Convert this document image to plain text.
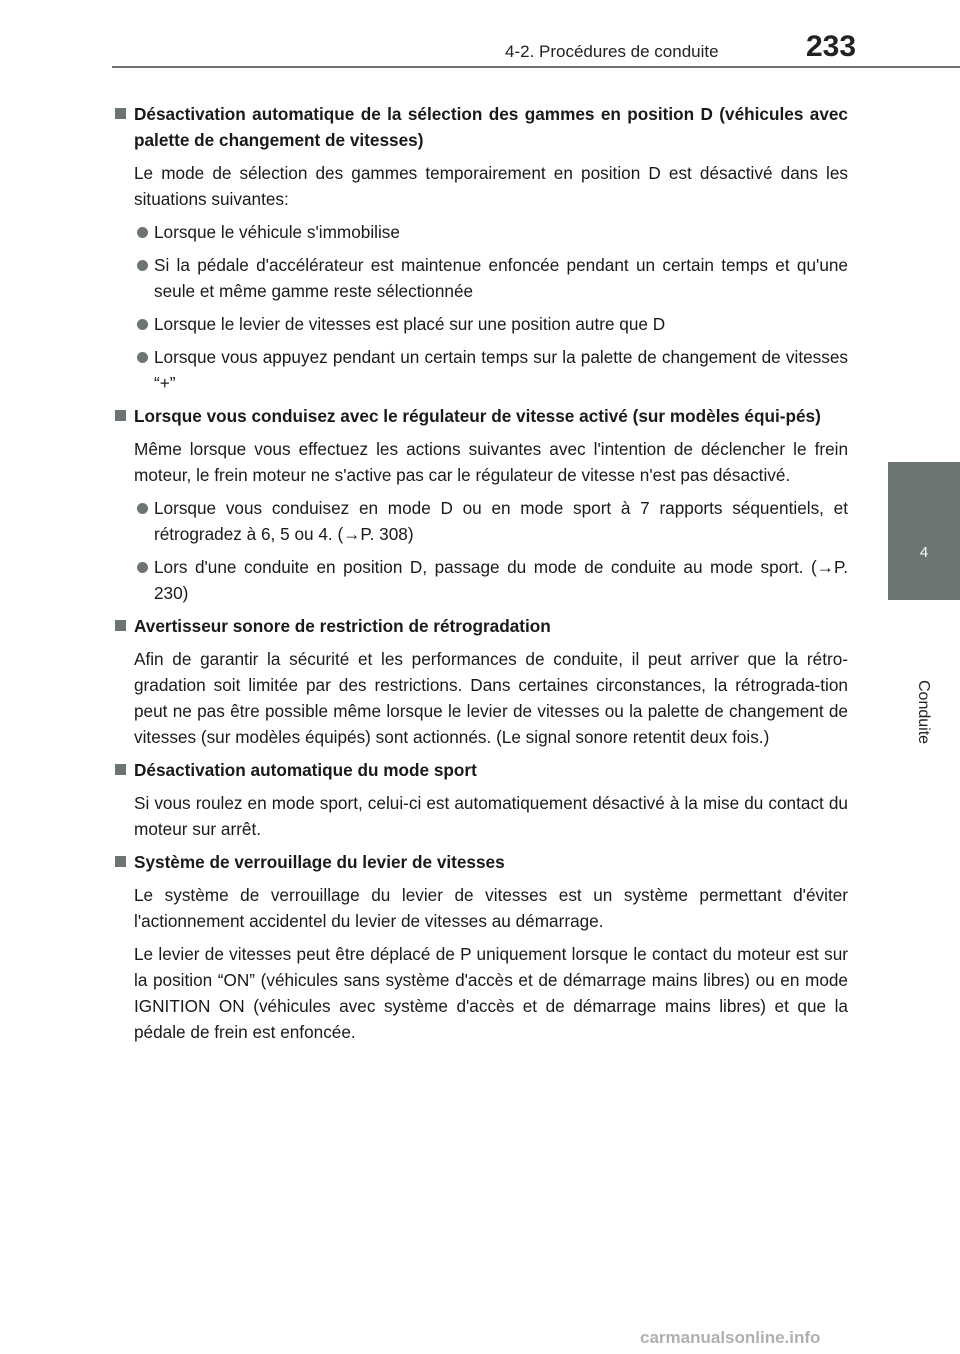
4-2. Procédures de conduite	233
4
Conduite
Désactivation automatique de la sélection des gammes en position D (véhicules avec palette de changement de vitesses)
Le mode de sélection des gammes temporairement en position D est désactivé dans les situations suivantes:
Lorsque le véhicule s'immobilise
Si la pédale d'accélérateur est maintenue enfoncée pendant un certain temps et qu'une seule et même gamme reste sélectionnée
Lorsque le levier de vitesses est placé sur une position autre que D
Lorsque vous appuyez pendant un certain temps sur la palette de changement de vitesses “+”
Lorsque vous conduisez avec le régulateur de vitesse activé (sur modèles équi-pés)
Même lorsque vous effectuez les actions suivantes avec l'intention de déclencher le frein moteur, le frein moteur ne s'active pas car le régulateur de vitesse n'est pas désactivé.
Lorsque vous conduisez en mode D ou en mode sport à 7 rapports séquentiels, et rétrogradez à 6, 5 ou 4. (→P. 308)
Lors d'une conduite en position D, passage du mode de conduite au mode sport. (→P. 230)
Avertisseur sonore de restriction de rétrogradation
Afin de garantir la sécurité et les performances de conduite, il peut arriver que la rétro-gradation soit limitée par des restrictions. Dans certaines circonstances, la rétrograda-tion peut ne pas être possible même lorsque le levier de vitesses ou la palette de changement de vitesses (sur modèles équipés) sont actionnés. (Le signal sonore retentit deux fois.)
Désactivation automatique du mode sport
Si vous roulez en mode sport, celui-ci est automatiquement désactivé à la mise du contact du moteur sur arrêt.
Système de verrouillage du levier de vitesses
Le système de verrouillage du levier de vitesses est un système permettant d'éviter l'actionnement accidentel du levier de vitesses au démarrage.
Le levier de vitesses peut être déplacé de P uniquement lorsque le contact du moteur est sur la position “ON” (véhicules sans système d'accès et de démarrage mains libres) ou en mode IGNITION ON (véhicules avec système d'accès et de démarrage mains libres) et que la pédale de frein est enfoncée.
carmanualsonline.info
